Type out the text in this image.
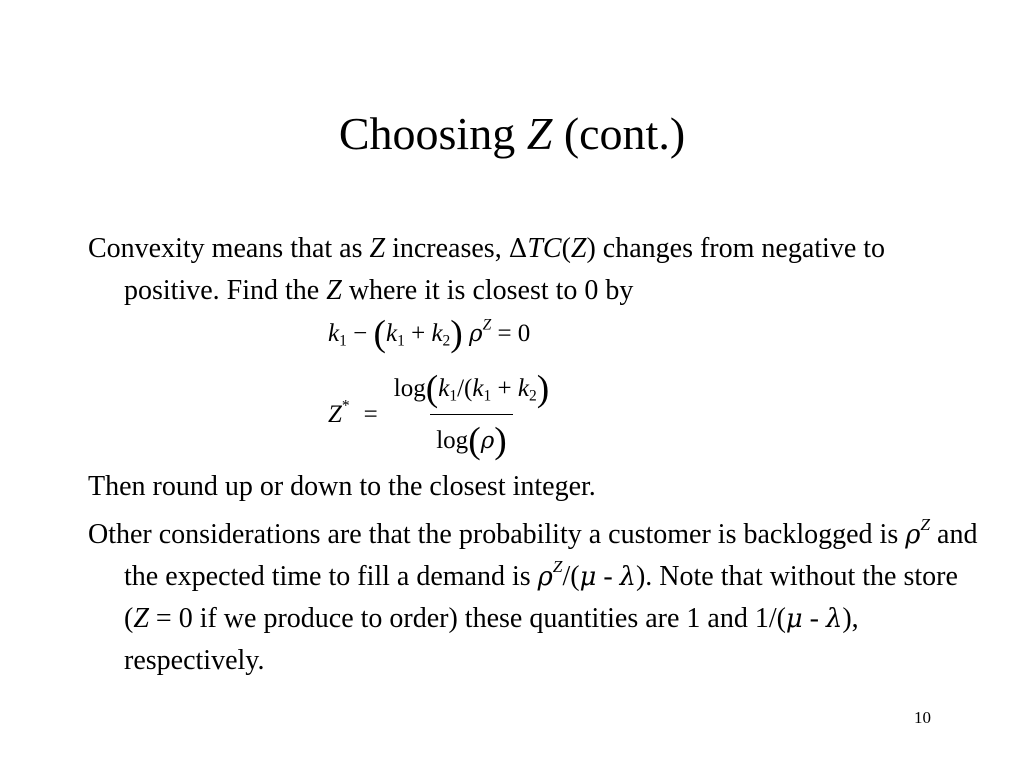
Choosing Z (cont.)
Convexity means that as Z increases, ΔTC(Z) changes from negative to positive. Find the Z where it is closest to 0 by
$k_1 - (k_1 + k_2) \rho^Z = 0$
$Z^* = \frac{\log(k_1/(k_1 + k_2)}{\log(\rho)}$
Then round up or down to the closest integer.
Other considerations are that the probability a customer is backlogged is $\rho^Z$ and the expected time to fill a demand is $\rho^Z/(\mu - \lambda)$. Note that without the store (Z = 0 if we produce to order) these quantities are 1 and 1/(μ - λ), respectively.
10
